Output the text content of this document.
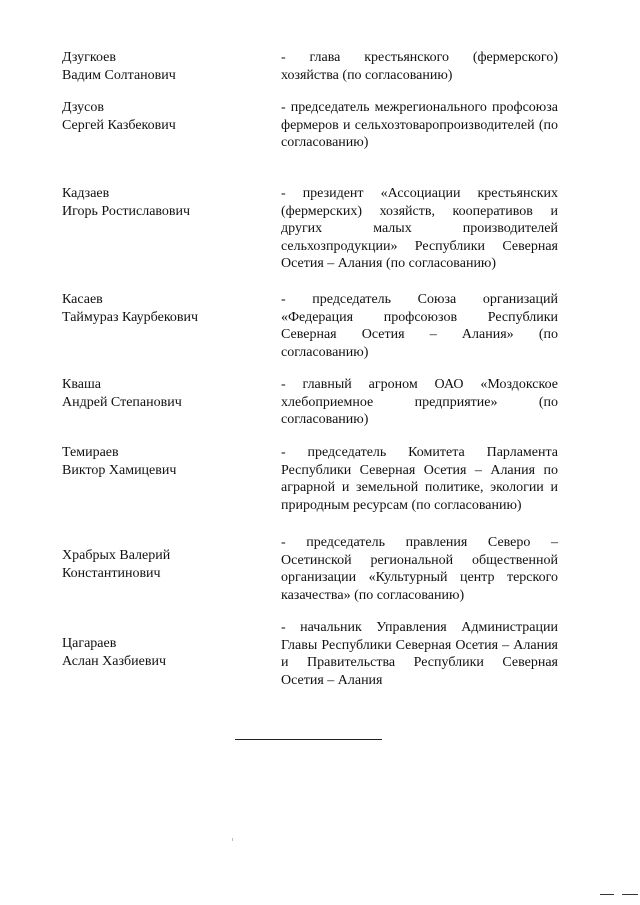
Дзугкоев
Вадим Солтанович
- глава крестьянского (фермерского) хозяйства (по согласованию)
Дзусов
Сергей Казбекович
- председатель межрегионального профсоюза фермеров и сельхозтоваропроизводителей (по согласованию)
Кадзаев
Игорь Ростиславович
- президент «Ассоциации крестьянских (фермерских) хозяйств, кооперативов и других малых производителей сельхозпродукции» Республики Северная Осетия – Алания (по согласованию)
Касаев
Таймураз Каурбекович
- председатель Союза организаций «Федерация профсоюзов Республики Северная Осетия – Алания» (по согласованию)
Кваша
Андрей Степанович
- главный агроном ОАО «Моздокское хлебоприемное предприятие» (по согласованию)
Темираев
Виктор Хамицевич
- председатель Комитета Парламента Республики Северная Осетия – Алания по аграрной и земельной политике, экологии и природным ресурсам (по согласованию)
Храбрых Валерий
Константинович
- председатель правления Северо – Осетинской региональной общественной организации «Культурный центр терского казачества» (по согласованию)
Цагараев
Аслан Хазбиевич
- начальник Управления Администрации Главы Республики Северная Осетия – Алания и Правительства Республики Северная Осетия – Алания
